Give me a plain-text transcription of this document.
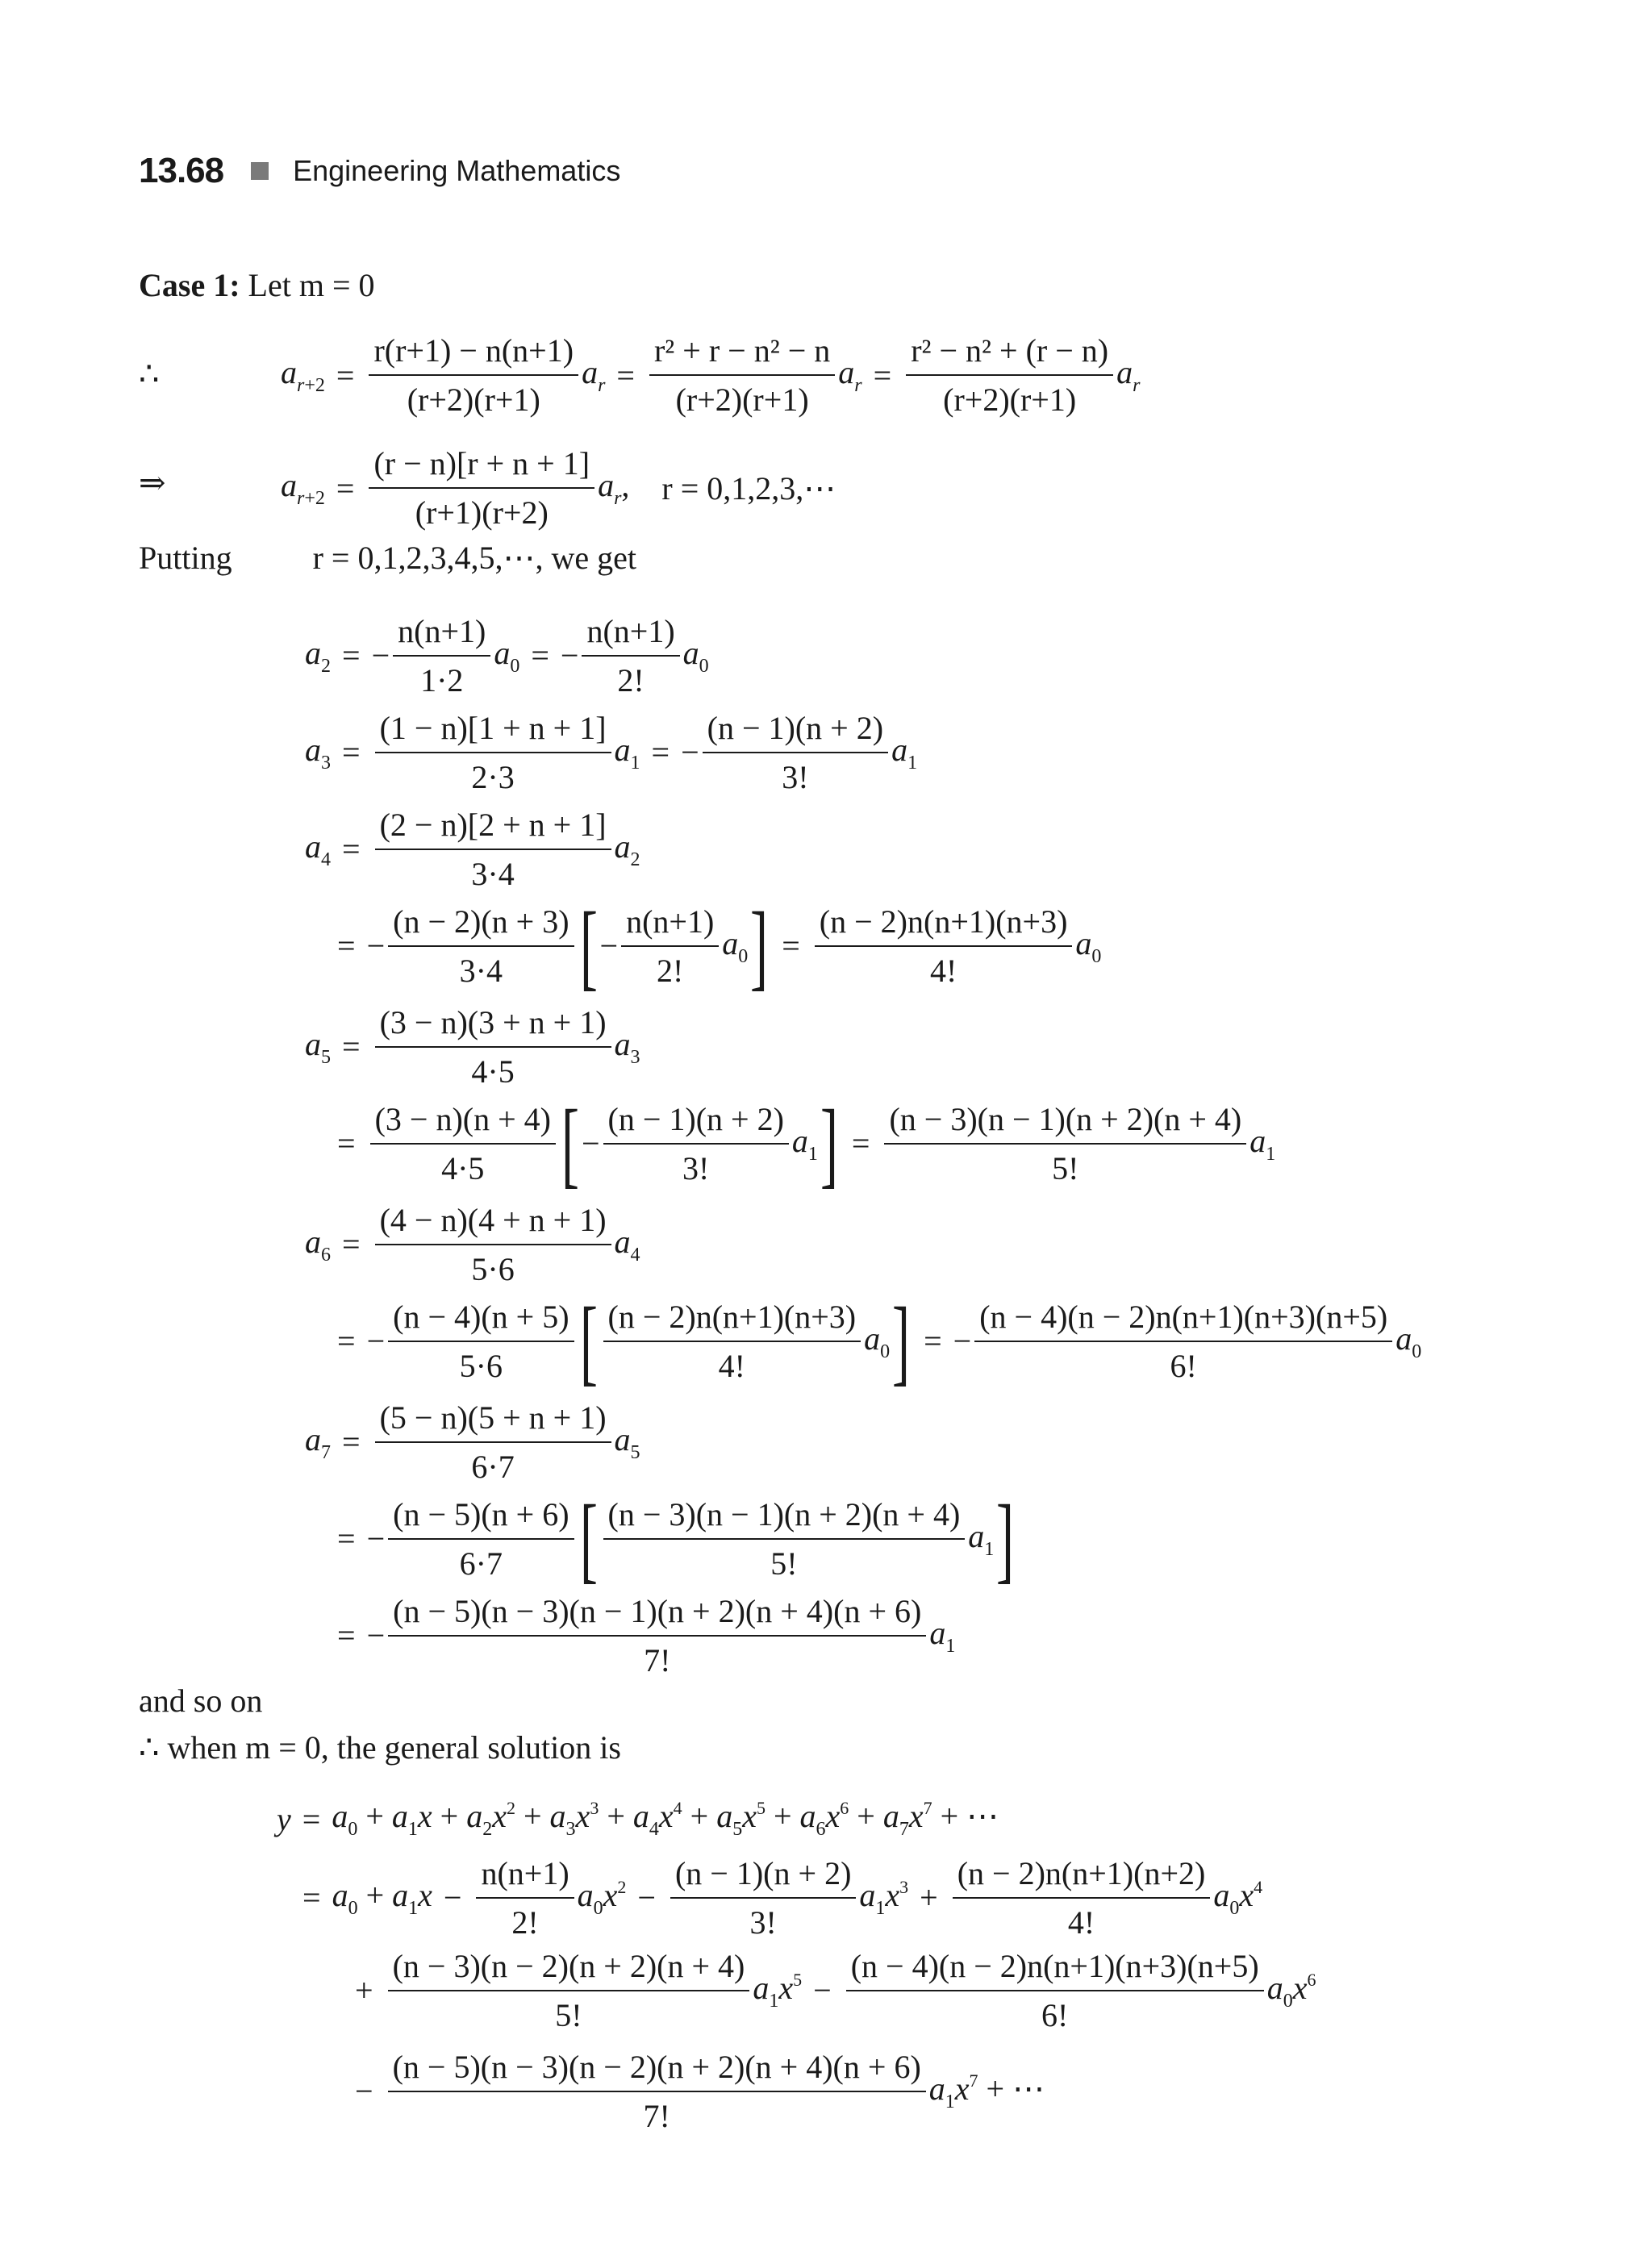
13.68 Engineering Mathematics
Case 1:
Let m = 0
∴	$a_{r+2} = \frac{r(r+1) - n(n+1)}{(r+2)(r+1)} a_r = \frac{\text{r² + r − n² − n}}{(r+2)(r+1)} a_r = \frac{\text{r² − n² + (r − n)}}{(r+2)(r+1)} a_r$
⇒	$a_{r+2} = \frac{(r - n)[r + n + 1]}{(r+1)(r+2)} a_r$, r = 0,1,2,3,⋯
Putting	r = 0,1,2,3,4,5,⋯, we get
$a_2$ = − $\frac{n(n+1)}{1\cdot 2} a_0$ = − $\frac{n(n+1)}{2!} a_0$
$a_3 = \frac{(1 - n)[1 + n + 1]}{2\cdot 3} a_1$ = − $\frac{(n - 1)(n + 2)}{3!} a_1$
$a_4 = \frac{(2 - n)[2 + n + 1]}{3\cdot 4} a_2$
= − $\frac{(n - 2)(n + 3)}{3\cdot 4}$ [ − $\frac{n(n+1)}{2!} a_0$ ] = $\frac{(n - 2)n(n+1)(n+3)}{4!} a_0$
$a_5 = \frac{(3 - n)(3 + n + 1)}{4\cdot 5} a_3$
= $\frac{(3 - n)(n + 4)}{4\cdot 5}$ [ − $\frac{(n - 1)(n + 2)}{3!} a_1$ ] = $\frac{(n - 3)(n - 1)(n + 2)(n + 4)}{5!} a_1$
$a_6 = \frac{(4 - n)(4 + n + 1)}{5\cdot 6} a_4$
= − $\frac{(n - 4)(n + 5)}{5\cdot 6}$ [ $\frac{(n - 2)n(n+1)(n+3)}{4!} a_0$ ] = − $\frac{(n - 4)(n - 2)n(n+1)(n+3)(n+5)}{6!} a_0$
$a_7 = \frac{(5 - n)(5 + n + 1)}{6\cdot 7} a_5$
= − $\frac{(n - 5)(n + 6)}{6\cdot 7}$ [ $\frac{(n - 3)(n - 1)(n + 2)(n + 4)}{5!} a_1$ ]
= − $\frac{(n - 5)(n - 3)(n - 1)(n + 2)(n + 4)(n + 6)}{7!} a_1$
and so on
∴ when m = 0, the general solution is
$y = a_0 + a_1x + a_2x^2 + a_3x^3 + a_4x^4 + a_5x^5 + a_6x^6 + a_7x^7$ + ⋯
= $a_0 + a_1x - \frac{n(n+1)}{2!} a_0x^2 - \frac{(n - 1)(n + 2)}{3!} a_1x^3 + \frac{(n - 2)n(n+1)(n+2)}{4!} a_0x^4$
+ $\frac{(n - 3)(n - 2)(n + 2)(n + 4)}{5!} a_1x^5 - \frac{(n - 4)(n - 2)n(n+1)(n+3)(n+5)}{6!} a_0x^6$
− $\frac{(n - 5)(n - 3)(n - 2)(n + 2)(n + 4)(n + 6)}{7!} a_1x^7$ + ⋯
